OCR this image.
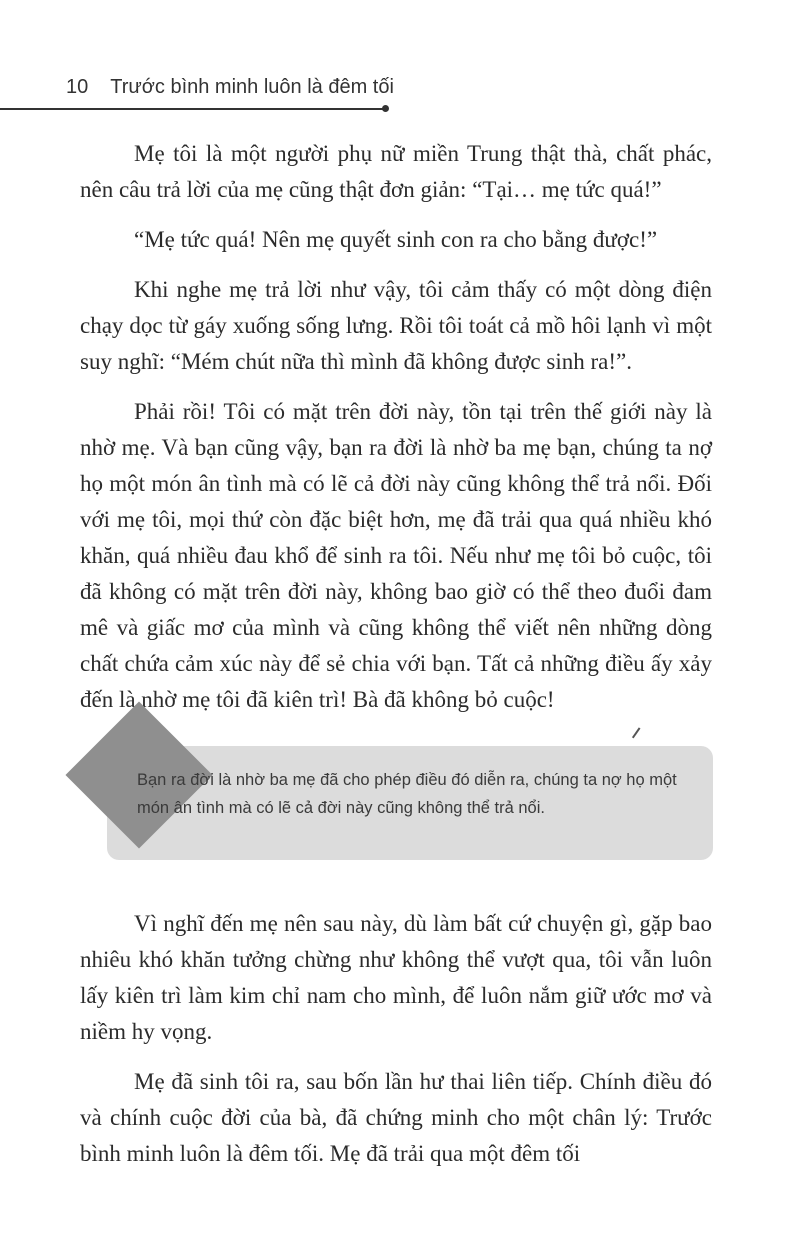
10 Trước bình minh luôn là đêm tối

Mẹ tôi là một người phụ nữ miền Trung thật thà, chất phác, nên câu trả lời của mẹ cũng thật đơn giản: “Tại… mẹ tức quá!”

“Mẹ tức quá! Nên mẹ quyết sinh con ra cho bằng được!”

Khi nghe mẹ trả lời như vậy, tôi cảm thấy có một dòng điện chạy dọc từ gáy xuống sống lưng. Rồi tôi toát cả mồ hôi lạnh vì một suy nghĩ: “Mém chút nữa thì mình đã không được sinh ra!”.

Phải rồi! Tôi có mặt trên đời này, tồn tại trên thế giới này là nhờ mẹ. Và bạn cũng vậy, bạn ra đời là nhờ ba mẹ bạn, chúng ta nợ họ một món ân tình mà có lẽ cả đời này cũng không thể trả nổi. Đối với mẹ tôi, mọi thứ còn đặc biệt hơn, mẹ đã trải qua quá nhiều khó khăn, quá nhiều đau khổ để sinh ra tôi. Nếu như mẹ tôi bỏ cuộc, tôi đã không có mặt trên đời này, không bao giờ có thể theo đuổi đam mê và giấc mơ của mình và cũng không thể viết nên những dòng chất chứa cảm xúc này để sẻ chia với bạn. Tất cả những điều ấy xảy đến là nhờ mẹ tôi đã kiên trì! Bà đã không bỏ cuộc!

Bạn ra đời là nhờ ba mẹ đã cho phép điều đó diễn ra, chúng ta nợ họ một món ân tình mà có lẽ cả đời này cũng không thể trả nổi.

Vì nghĩ đến mẹ nên sau này, dù làm bất cứ chuyện gì, gặp bao nhiêu khó khăn tưởng chừng như không thể vượt qua, tôi vẫn luôn lấy kiên trì làm kim chỉ nam cho mình, để luôn nắm giữ ước mơ và niềm hy vọng.

Mẹ đã sinh tôi ra, sau bốn lần hư thai liên tiếp. Chính điều đó và chính cuộc đời của bà, đã chứng minh cho một chân lý: Trước bình minh luôn là đêm tối. Mẹ đã trải qua một đêm tối
